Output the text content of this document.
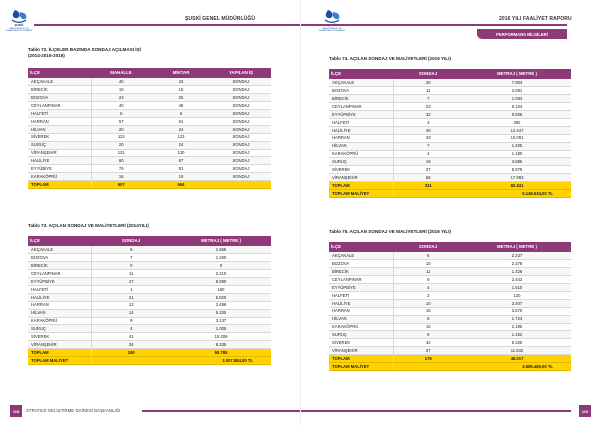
şuski
SANLIURFA SU VE KANALİZASYON İDARESİ
ŞUSKİ GENEL MÜDÜRLÜĞÜ
Tablo 72. İLÇELER BAZINDA SONDAJ AÇILMASI İŞİ
(2014-2015-2016)
İLÇE	MAHALLE	MİKTAR	YAPILAN İŞ
AKÇAKALE	40	43	SONDAJ
BİRECİK	15	15	SONDAJ
BOZOVA	23	25	SONDAJ
CEYLANPINAR	40	46	SONDAJ
HALFETİ	6	6	SONDAJ
HARRAN	57	61	SONDAJ
HİLVAN	20	24	SONDAJ
SİVEREK	113	123	SONDAJ
SURUÇ	20	24	SONDAJ
VİRANŞEHİR	121	130	SONDAJ
HALİLİYE	60	67	SONDAJ
EYYÜBİYE	76	81	SONDAJ
KARAKÖPRÜ	16	19	SONDAJ
TOPLAM	607	664	
Tablo 73. AÇILAN SONDAJ VE MALİYETLERİ (2014YILI)
İLÇE	SONDAJ	METRAJ ( METRE )
AKÇAKALE	8	1.558
BOZOVA	7	1.260
BİRECİK	0	0
CEYLANPINAR	11	2.210
EYYÜPBİYE	27	8.090
HALFETİ	1	160
HALİLİYE	21	5.820
HARRAN	13	3.488
HİLVAN	14	5.335
KARAKÖPRÜ	9	3.137
SURUÇ	4	1.005
SİVEREK	41	10.409
VİRANŞEHİR	34	8.335
TOPLAM	190	50.785
TOPLAM MALİYET	3.007.884,00 TL	
118	STRATEJİ GELİŞTİRME DAİRESİ BAŞKANLIĞI
SANLIURFA SU VE KANALİZASYON İDARESİ
2016 YILI FAALİYET RAPORU
PERFORMANS BİLGİLERİ
Tablo 74. AÇILAN SONDAJ VE MALİYETLERİ (2015 YILI)
İLÇE	SONDAJ	METRAJ ( METRE )
AKÇAKALE	30	7.904
BOZOVA	11	2.081
BİRECİK	7	1.083
CEYLANPINAR	23	6.104
EYYÜPBİYE	32	8.606
HALFETİ	3	492
HALİLİYE	40	12.447
HARRAN	33	10.091
HİLVAN	7	1.405
KARAKÖPRÜ	4	1.180
SURUÇ	19	3.886
SİVEREK	37	8.979
VİRANŞEHİR	65	17.993
TOPLAM	311	82.341
TOPLAM MALİYET	5.148.534,00 TL	
Tablo 75. AÇILAN SONDAJ VE MALİYETLERİ (2016 YILI)
İLÇE	SONDAJ	METRAJ ( METRE )
AKÇAKALE	6	2.237
BOZOVA	10	2.378
BİRECİK	11	1.426
CEYLANPINAR	9	2.443
EYYÜPBİYE	4	1.510
HALFETİ	2	120
HALİLİYE	10	3.407
HARRAN	16	3.570
HİLVAN	6	1.723
KARAKÖPRÜ	15	2.195
SURUÇ	6	1.152
SİVEREK	42	9.325
VİRANŞEHİR	37	11.632
TOPLAM	175	46.017
TOPLAM MALİYET	3.585.480,00 TL	
119
